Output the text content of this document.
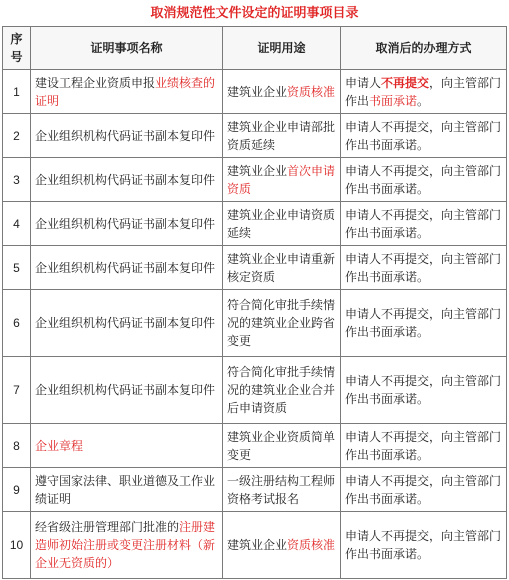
取消规范性文件设定的证明事项目录
序号	证明事项名称	证明用途	取消后的办理方式
1	建设工程企业资质申报业绩核查的证明	建筑业企业资质核准	申请人不再提交，向主管部门作出书面承诺。
2	企业组织机构代码证书副本复印件	建筑业企业申请部批资质延续	申请人不再提交，向主管部门作出书面承诺。
3	企业组织机构代码证书副本复印件	建筑业企业首次申请资质	申请人不再提交，向主管部门作出书面承诺。
4	企业组织机构代码证书副本复印件	建筑业企业申请资质延续	申请人不再提交，向主管部门作出书面承诺。
5	企业组织机构代码证书副本复印件	建筑业企业申请重新核定资质	申请人不再提交，向主管部门作出书面承诺。
6	企业组织机构代码证书副本复印件	符合简化审批手续情况的建筑业企业跨省变更	申请人不再提交，向主管部门作出书面承诺。
7	企业组织机构代码证书副本复印件	符合简化审批手续情况的建筑业企业合并后申请资质	申请人不再提交，向主管部门作出书面承诺。
8	企业章程	建筑业企业资质简单变更	申请人不再提交，向主管部门作出书面承诺。
9	遵守国家法律、职业道德及工作业绩证明	一级注册结构工程师资格考试报名	申请人不再提交，向主管部门作出书面承诺。
10	经省级注册管理部门批准的注册建造师初始注册或变更注册材料（新企业无资质的）	建筑业企业资质核准	申请人不再提交，向主管部门作出书面承诺。
